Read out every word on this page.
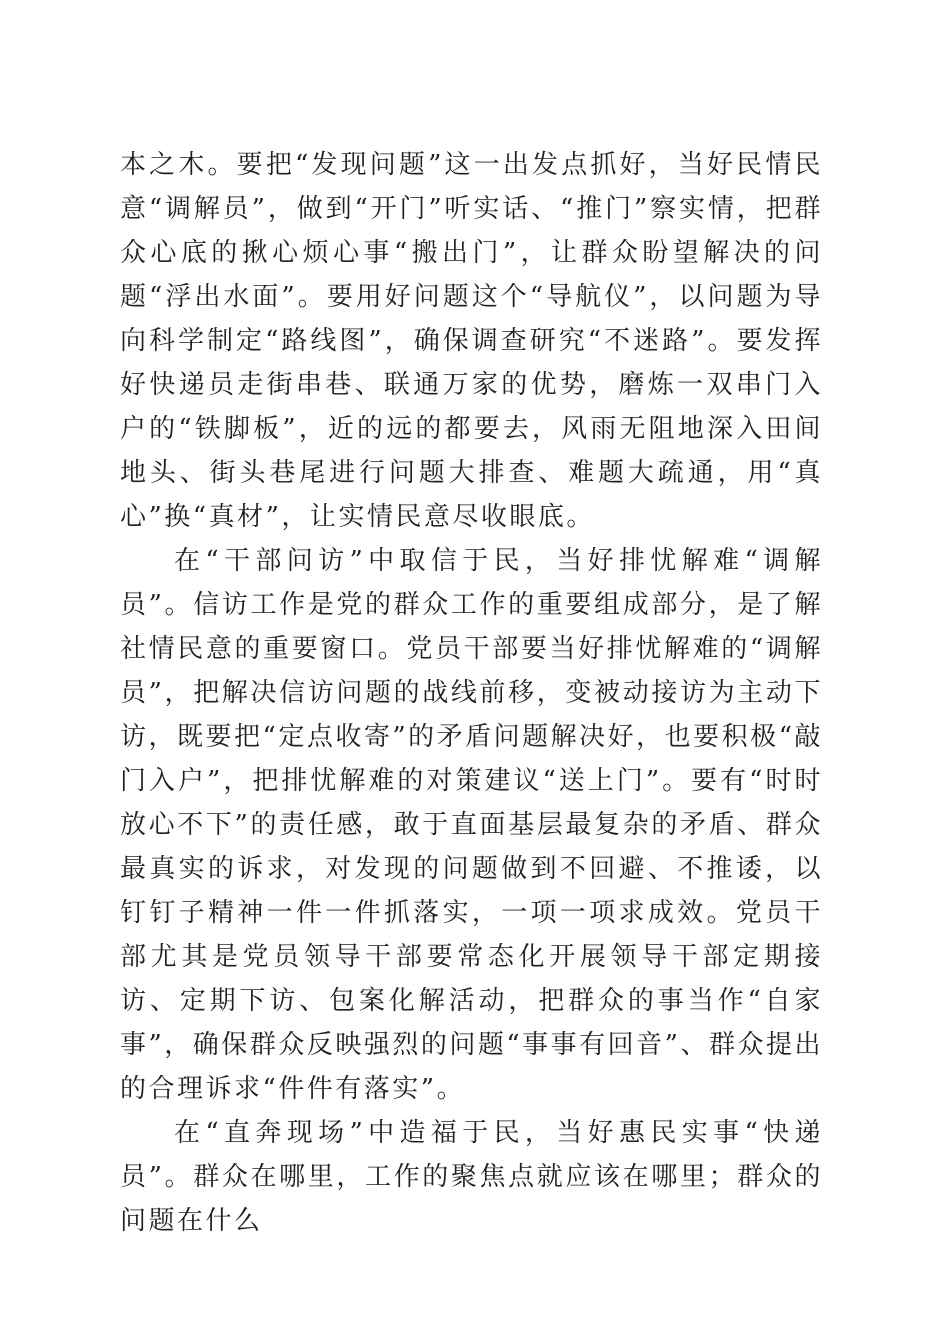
本之木。要把“发现问题”这一出发点抓好，当好民情民意“调解员”，做到“开门”听实话、“推门”察实情，把群众心底的揪心烦心事“搬出门”，让群众盼望解决的问题“浮出水面”。要用好问题这个“导航仪”，以问题为导向科学制定“路线图”，确保调查研究“不迷路”。要发挥好快递员走街串巷、联通万家的优势，磨炼一双串门入户的“铁脚板”，近的远的都要去，风雨无阻地深入田间地头、街头巷尾进行问题大排查、难题大疏通，用“真心”换“真材”，让实情民意尽收眼底。

在“干部问访”中取信于民，当好排忧解难“调解员”。信访工作是党的群众工作的重要组成部分，是了解社情民意的重要窗口。党员干部要当好排忧解难的“调解员”，把解决信访问题的战线前移，变被动接访为主动下访，既要把“定点收寄”的矛盾问题解决好，也要积极“敲门入户”，把排忧解难的对策建议“送上门”。要有“时时放心不下”的责任感，敢于直面基层最复杂的矛盾、群众最真实的诉求，对发现的问题做到不回避、不推诿，以钉钉子精神一件一件抓落实，一项一项求成效。党员干部尤其是党员领导干部要常态化开展领导干部定期接访、定期下访、包案化解活动，把群众的事当作“自家事”，确保群众反映强烈的问题“事事有回音”、群众提出的合理诉求“件件有落实”。

在“直奔现场”中造福于民，当好惠民实事“快递员”。群众在哪里，工作的聚焦点就应该在哪里；群众的问题在什么
